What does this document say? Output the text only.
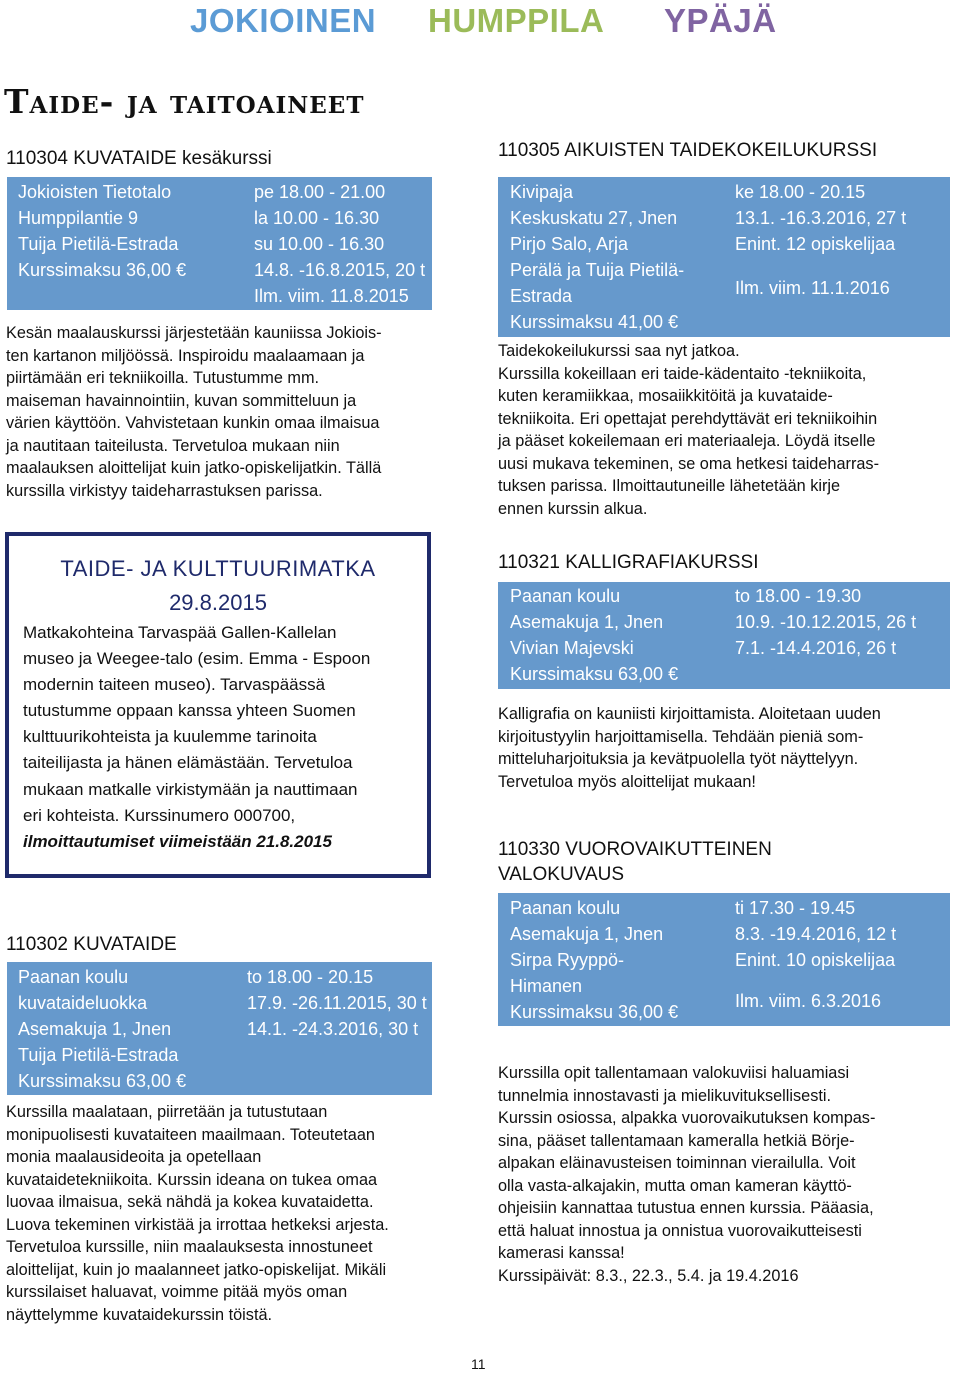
JOKIOINEN HUMPPILA YPÄJÄ
Taide- ja taitoaineet
110304 KUVATAIDE kesäkurssi
Jokioisten Tietotalo
Humppilantie 9
Tuija Pietilä-Estrada
Kurssimaksu 36,00 €
pe 18.00 - 21.00
la 10.00 - 16.30
su 10.00 - 16.30
14.8. -16.8.2015, 20 t
Ilm. viim. 11.8.2015
Kesän maalauskurssi järjestetään kauniissa Jokiois-
ten kartanon miljöössä. Inspiroidu maalaamaan ja
piirtämään eri tekniikoilla. Tutustumme mm.
maiseman havainnointiin, kuvan sommitteluun ja
värien käyttöön. Vahvistetaan kunkin omaa ilmaisua
ja nautitaan taiteilusta. Tervetuloa mukaan niin
maalauksen aloittelijat kuin jatko-opiskelijatkin. Tällä
kurssilla virkistyy taideharrastuksen parissa.
TAIDE- JA KULTTUURIMATKA
29.8.2015
Matkakohteina Tarvaspää Gallen-Kallelan
museo ja Weegee-talo (esim. Emma - Espoon
modernin taiteen museo). Tarvaspäässä
tutustumme oppaan kanssa yhteen Suomen
kulttuurikohteista ja kuulemme tarinoita
taiteilijasta ja hänen elämästään. Tervetuloa
mukaan matkalle virkistymään ja nauttimaan
eri kohteista. Kurssinumero 000700,
ilmoittautumiset viimeistään 21.8.2015
110302 KUVATAIDE
Paanan koulu
kuvataideluokka
Asemakuja 1, Jnen
Tuija Pietilä-Estrada
Kurssimaksu 63,00 €
to 18.00 - 20.15
17.9. -26.11.2015, 30 t
14.1. -24.3.2016, 30 t
Kurssilla maalataan, piirretään ja tutustutaan
monipuolisesti kuvataiteen maailmaan. Toteutetaan
monia maalausideoita ja opetellaan
kuvataidetekniikoita. Kurssin ideana on tukea omaa
luovaa ilmaisua, sekä nähdä ja kokea kuvataidetta.
Luova tekeminen virkistää ja irrottaa hetkeksi arjesta.
Tervetuloa kurssille, niin maalauksesta innostuneet
aloittelijat, kuin jo maalanneet jatko-opiskelijat. Mikäli
kurssilaiset haluavat, voimme pitää myös oman
näyttelymme kuvataidekurssin töistä.
110305 AIKUISTEN TAIDEKOKEILUKURSSI
Kivipaja
Keskuskatu 27, Jnen
Pirjo Salo, Arja
Perälä ja Tuija Pietilä-
Estrada
Kurssimaksu 41,00 €
ke 18.00 - 20.15
13.1. -16.3.2016, 27 t
Enint. 12 opiskelijaa
Ilm. viim. 11.1.2016
Taidekokeilukurssi saa nyt jatkoa.
Kurssilla kokeillaan eri taide-kädentaito -tekniikoita,
kuten keramiikkaa, mosaiikkitöitä ja kuvataide-
tekniikoita. Eri opettajat perehdyttävät eri tekniikoihin
ja pääset kokeilemaan eri materiaaleja. Löydä itselle
uusi mukava tekeminen, se oma hetkesi taideharras-
tuksen parissa. Ilmoittautuneille lähetetään kirje
ennen kurssin alkua.
110321 KALLIGRAFIAKURSSI
Paanan koulu
Asemakuja 1, Jnen
Vivian Majevski
Kurssimaksu 63,00 €
to 18.00 - 19.30
10.9. -10.12.2015, 26 t
7.1. -14.4.2016, 26 t
Kalligrafia on kauniisti kirjoittamista. Aloitetaan uuden
kirjoitustyylin harjoittamisella. Tehdään pieniä som-
mitteluharjoituksia ja kevätpuolella työt näyttelyyn.
Tervetuloa myös aloittelijat mukaan!
110330 VUOROVAIKUTTEINEN
VALOKUVAUS
Paanan koulu
Asemakuja 1, Jnen
Sirpa Ryyppö-
Himanen
Kurssimaksu 36,00 €
ti 17.30 - 19.45
8.3. -19.4.2016, 12 t
Enint. 10 opiskelijaa
Ilm. viim. 6.3.2016
Kurssilla opit tallentamaan valokuviisi haluamiasi
tunnelmia innostavasti ja mielikuvituksellisesti.
Kurssin osiossa, alpakka vuorovaikutuksen kompas-
sina, pääset tallentamaan kameralla hetkiä Börje-
alpakan eläinavusteisen toiminnan vierailulla. Voit
olla vasta-alkajakin, mutta oman kameran käyttö-
ohjeisiin kannattaa tutustua ennen kurssia. Pääasia,
että haluat innostua ja onnistua vuorovaikutteisesti
kamerasi kanssa!
Kurssipäivät: 8.3., 22.3., 5.4. ja 19.4.2016
11
